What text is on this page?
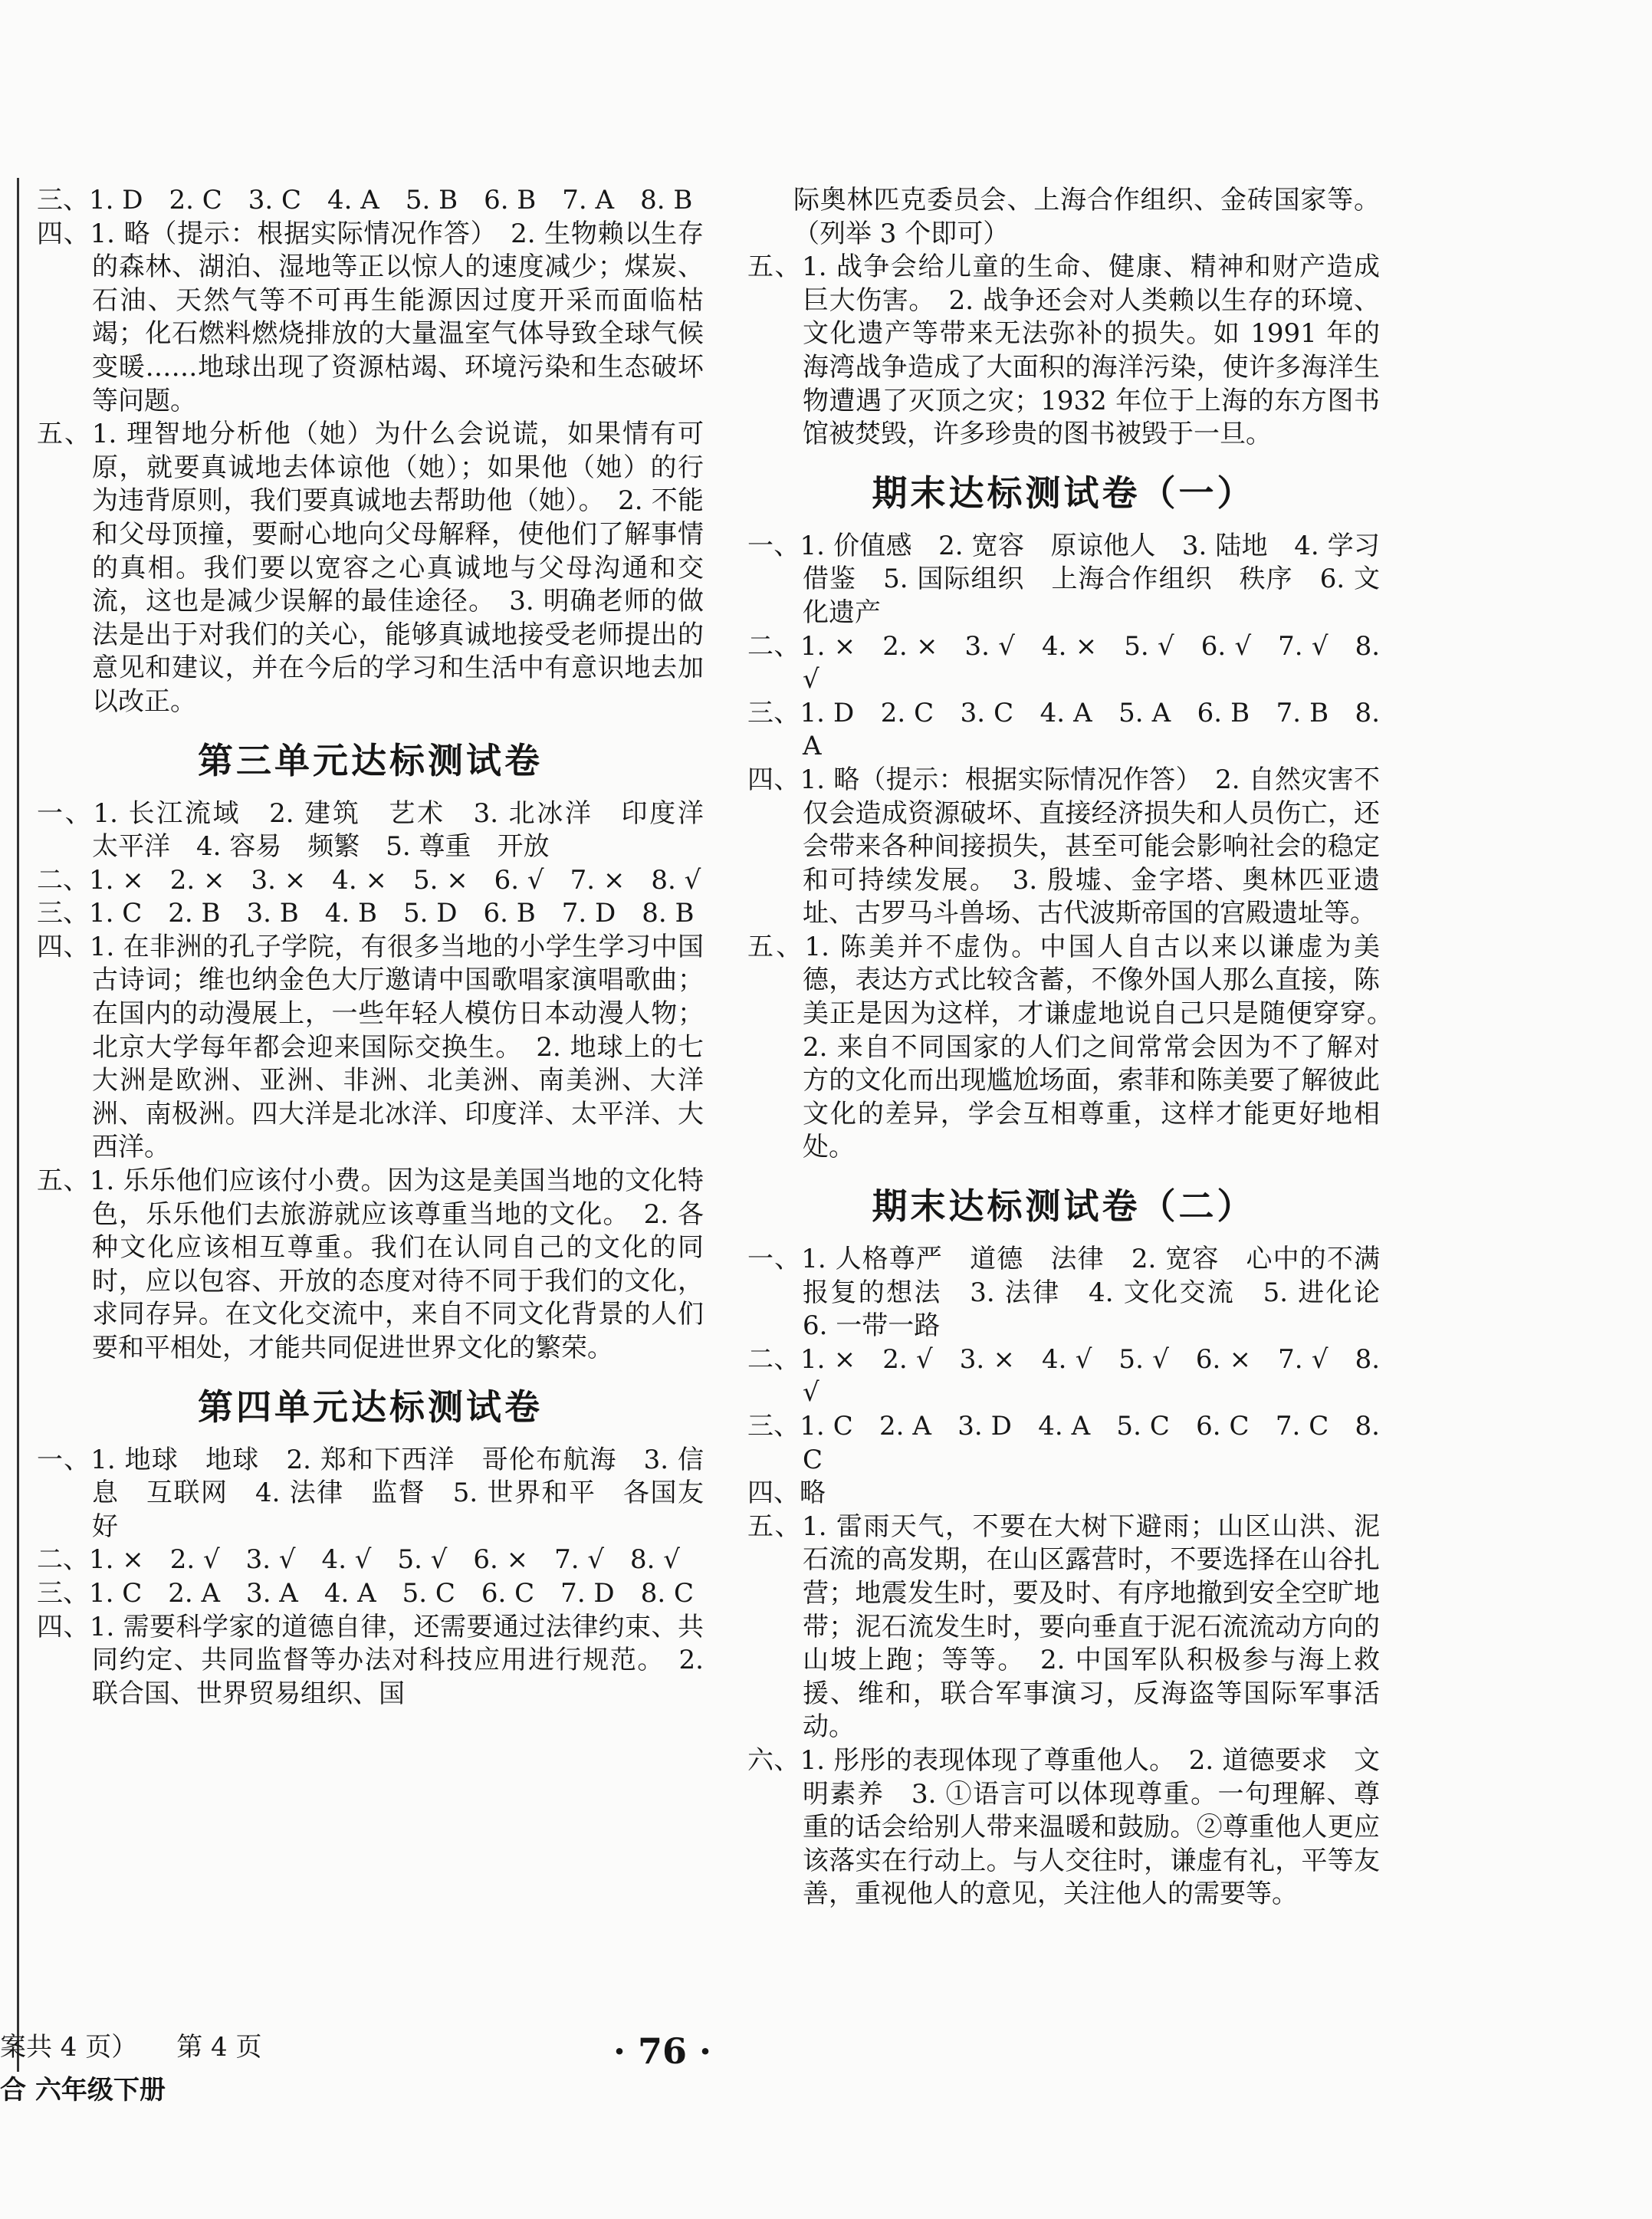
三、1. D　2. C　3. C　4. A　5. B　6. B　7. A　8. B

四、1. 略（提示：根据实际情况作答）　2. 生物赖以生存的森林、湖泊、湿地等正以惊人的速度减少；煤炭、石油、天然气等不可再生能源因过度开采而面临枯竭；化石燃料燃烧排放的大量温室气体导致全球气候变暖……地球出现了资源枯竭、环境污染和生态破坏等问题。

五、1. 理智地分析他（她）为什么会说谎，如果情有可原，就要真诚地去体谅他（她）；如果他（她）的行为违背原则，我们要真诚地去帮助他（她）。　2. 不能和父母顶撞，要耐心地向父母解释，使他们了解事情的真相。我们要以宽容之心真诚地与父母沟通和交流，这也是减少误解的最佳途径。　3. 明确老师的做法是出于对我们的关心，能够真诚地接受老师提出的意见和建议，并在今后的学习和生活中有意识地去加以改正。

第三单元达标测试卷

一、1. 长江流域　2. 建筑　艺术　3. 北冰洋　印度洋　太平洋　4. 容易　频繁　5. 尊重　开放

二、1. ×　2. ×　3. ×　4. ×　5. ×　6. √　7. ×　8. √

三、1. C　2. B　3. B　4. B　5. D　6. B　7. D　8. B

四、1. 在非洲的孔子学院，有很多当地的小学生学习中国古诗词；维也纳金色大厅邀请中国歌唱家演唱歌曲；在国内的动漫展上，一些年轻人模仿日本动漫人物；北京大学每年都会迎来国际交换生。　2. 地球上的七大洲是欧洲、亚洲、非洲、北美洲、南美洲、大洋洲、南极洲。四大洋是北冰洋、印度洋、太平洋、大西洋。

五、1. 乐乐他们应该付小费。因为这是美国当地的文化特色，乐乐他们去旅游就应该尊重当地的文化。　2. 各种文化应该相互尊重。我们在认同自己的文化的同时，应以包容、开放的态度对待不同于我们的文化，求同存异。在文化交流中，来自不同文化背景的人们要和平相处，才能共同促进世界文化的繁荣。

第四单元达标测试卷

一、1. 地球　地球　2. 郑和下西洋　哥伦布航海　3. 信息　互联网　4. 法律　监督　5. 世界和平　各国友好

二、1. ×　2. √　3. √　4. √　5. √　6. ×　7. √　8. √

三、1. C　2. A　3. A　4. A　5. C　6. C　7. D　8. C

四、1. 需要科学家的道德自律，还需要通过法律约束、共同约定、共同监督等办法对科技应用进行规范。　2. 联合国、世界贸易组织、国

际奥林匹克委员会、上海合作组织、金砖国家等。（列举 3 个即可）

五、1. 战争会给儿童的生命、健康、精神和财产造成巨大伤害。　2. 战争还会对人类赖以生存的环境、文化遗产等带来无法弥补的损失。如 1991 年的海湾战争造成了大面积的海洋污染，使许多海洋生物遭遇了灭顶之灾；1932 年位于上海的东方图书馆被焚毁，许多珍贵的图书被毁于一旦。

期末达标测试卷（一）

一、1. 价值感　2. 宽容　原谅他人　3. 陆地　4. 学习　借鉴　5. 国际组织　上海合作组织　秩序　6. 文化遗产

二、1. ×　2. ×　3. √　4. ×　5. √　6. √　7. √　8. √

三、1. D　2. C　3. C　4. A　5. A　6. B　7. B　8. A

四、1. 略（提示：根据实际情况作答）　2. 自然灾害不仅会造成资源破坏、直接经济损失和人员伤亡，还会带来各种间接损失，甚至可能会影响社会的稳定和可持续发展。　3. 殷墟、金字塔、奥林匹亚遗址、古罗马斗兽场、古代波斯帝国的宫殿遗址等。

五、1. 陈美并不虚伪。中国人自古以来以谦虚为美德，表达方式比较含蓄，不像外国人那么直接，陈美正是因为这样，才谦虚地说自己只是随便穿穿。　2. 来自不同国家的人们之间常常会因为不了解对方的文化而出现尴尬场面，索菲和陈美要了解彼此文化的差异，学会互相尊重，这样才能更好地相处。

期末达标测试卷（二）

一、1. 人格尊严　道德　法律　2. 宽容　心中的不满　报复的想法　3. 法律　4. 文化交流　5. 进化论　6. 一带一路

二、1. ×　2. √　3. ×　4. √　5. √　6. ×　7. √　8. √

三、1. C　2. A　3. D　4. A　5. C　6. C　7. C　8. C

四、略

五、1. 雷雨天气，不要在大树下避雨；山区山洪、泥石流的高发期，在山区露营时，不要选择在山谷扎营；地震发生时，要及时、有序地撤到安全空旷地带；泥石流发生时，要向垂直于泥石流流动方向的山坡上跑；等等。　2. 中国军队积极参与海上救援、维和，联合军事演习，反海盗等国际军事活动。

六、1. 彤彤的表现体现了尊重他人。　2. 道德要求　文明素养　3. ①语言可以体现尊重。一句理解、尊重的话会给别人带来温暖和鼓励。②尊重他人更应该落实在行动上。与人交往时，谦虚有礼，平等友善，重视他人的意见，关注他人的需要等。

案共 4 页）　　第 4 页
合 六年级下册
· 76 ·
